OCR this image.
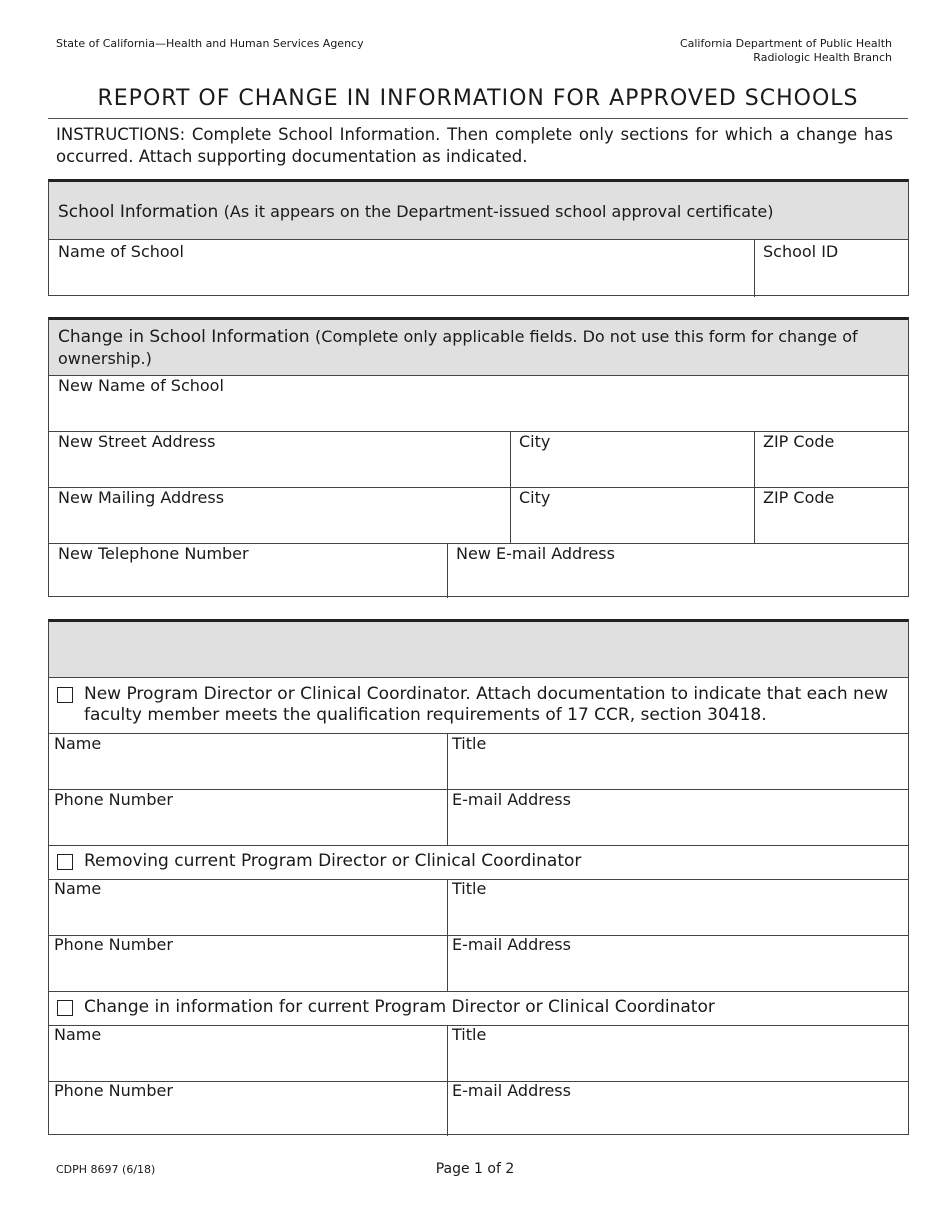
State of California—Health and Human Services Agency	California Department of Public Health
Radiologic Health Branch
REPORT OF CHANGE IN INFORMATION FOR APPROVED SCHOOLS
INSTRUCTIONS: Complete School Information. Then complete only sections for which a change has occurred. Attach supporting documentation as indicated.
School Information (As it appears on the Department-issued school approval certificate)
Name of School	School ID
Change in School Information (Complete only applicable fields. Do not use this form for change of ownership.)
New Name of School
New Street Address	City	ZIP Code
New Mailing Address	City	ZIP Code
New Telephone Number	New E-mail Address
New Program Director or Clinical Coordinator. Attach documentation to indicate that each new faculty member meets the qualification requirements of 17 CCR, section 30418.
Name	Title
Phone Number	E-mail Address
Removing current Program Director or Clinical Coordinator
Name	Title
Phone Number	E-mail Address
Change in information for current Program Director or Clinical Coordinator
Name	Title
Phone Number	E-mail Address
CDPH 8697 (6/18)	Page 1 of 2
